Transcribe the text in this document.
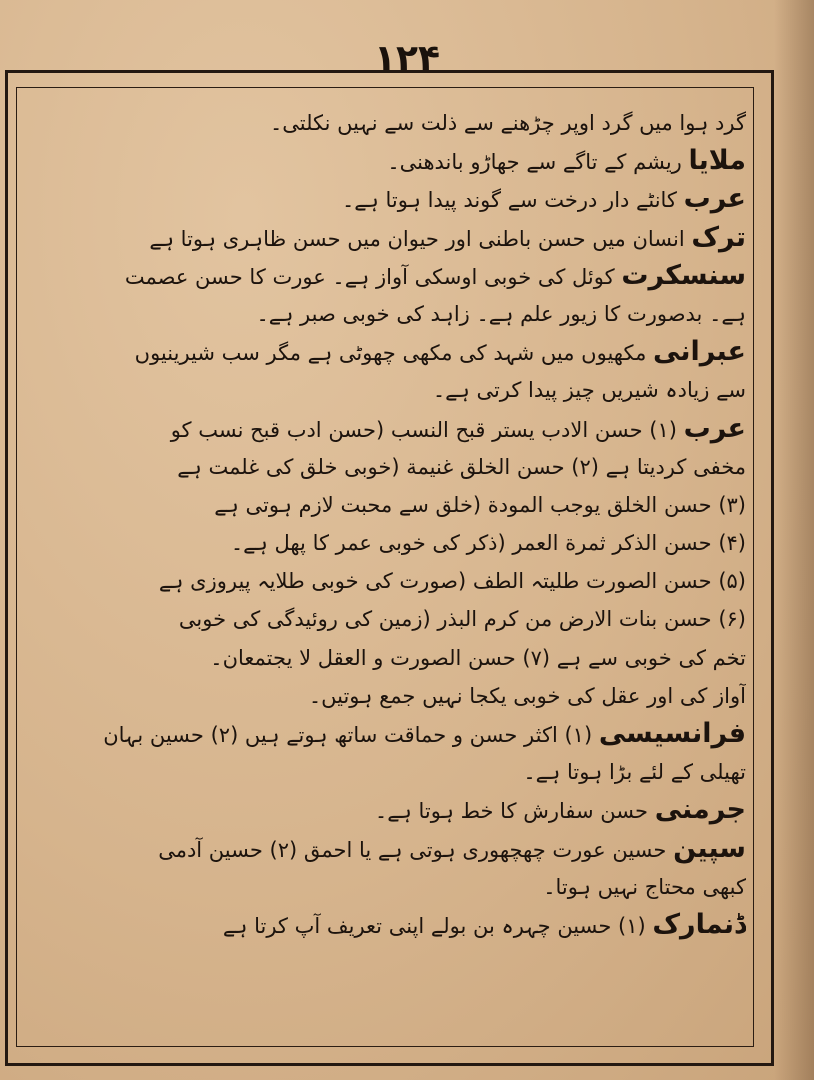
۱۲۴
گرد ہوا میں گرد اوپر چڑھنے سے ذلت سے نہیں نکلتی۔
ملایا ریشم کے تاگے سے جھاڑو باندھنی۔
عرب کانٹے دار درخت سے گوند پیدا ہوتا ہے۔
ترک انسان میں حسن باطنی اور حیوان میں حسن ظاہری ہوتا ہے
سنسکرت کوئل کی خوبی اوسکی آواز ہے۔ عورت کا حسن عصمت
ہے۔ بدصورت کا زیور علم ہے۔ زاہد کی خوبی صبر ہے۔
عبرانی مکھیوں میں شہد کی مکھی چھوٹی ہے مگر سب شیرینیوں
سے زیادہ شیریں چیز پیدا کرتی ہے۔
عرب (۱) حسن الادب یستر قبح النسب (حسن ادب قبح نسب کو
مخفی کردیتا ہے (۲) حسن الخلق غنیمة (خوبی خلق کی غلمت ہے
(۳) حسن الخلق یوجب المودة (خلق سے محبت لازم ہوتی ہے
(۴) حسن الذکر ثمرة العمر (ذکر کی خوبی عمر کا پھل ہے۔
(۵) حسن الصورت طلیتہ الطف (صورت کی خوبی طلایہ پیروزی ہے
(۶) حسن بنات الارض من کرم البذر (زمین کی روئیدگی کی خوبی
تخم کی خوبی سے ہے (۷) حسن الصورت و العقل لا یجتمعان۔
آواز کی اور عقل کی خوبی یکجا نہیں جمع ہوتیں۔
فرانسیسی (۱) اکثر حسن و حماقت ساتھ ہوتے ہیں (۲) حسین بہان
تھیلی کے لئے بڑا ہوتا ہے۔
جرمنی حسن سفارش کا خط ہوتا ہے۔
سپین حسین عورت چھچھوری ہوتی ہے یا احمق (۲) حسین آدمی
کبھی محتاج نہیں ہوتا۔
ڈنمارک (۱) حسین چہرہ بن بولے اپنی تعریف آپ کرتا ہے
